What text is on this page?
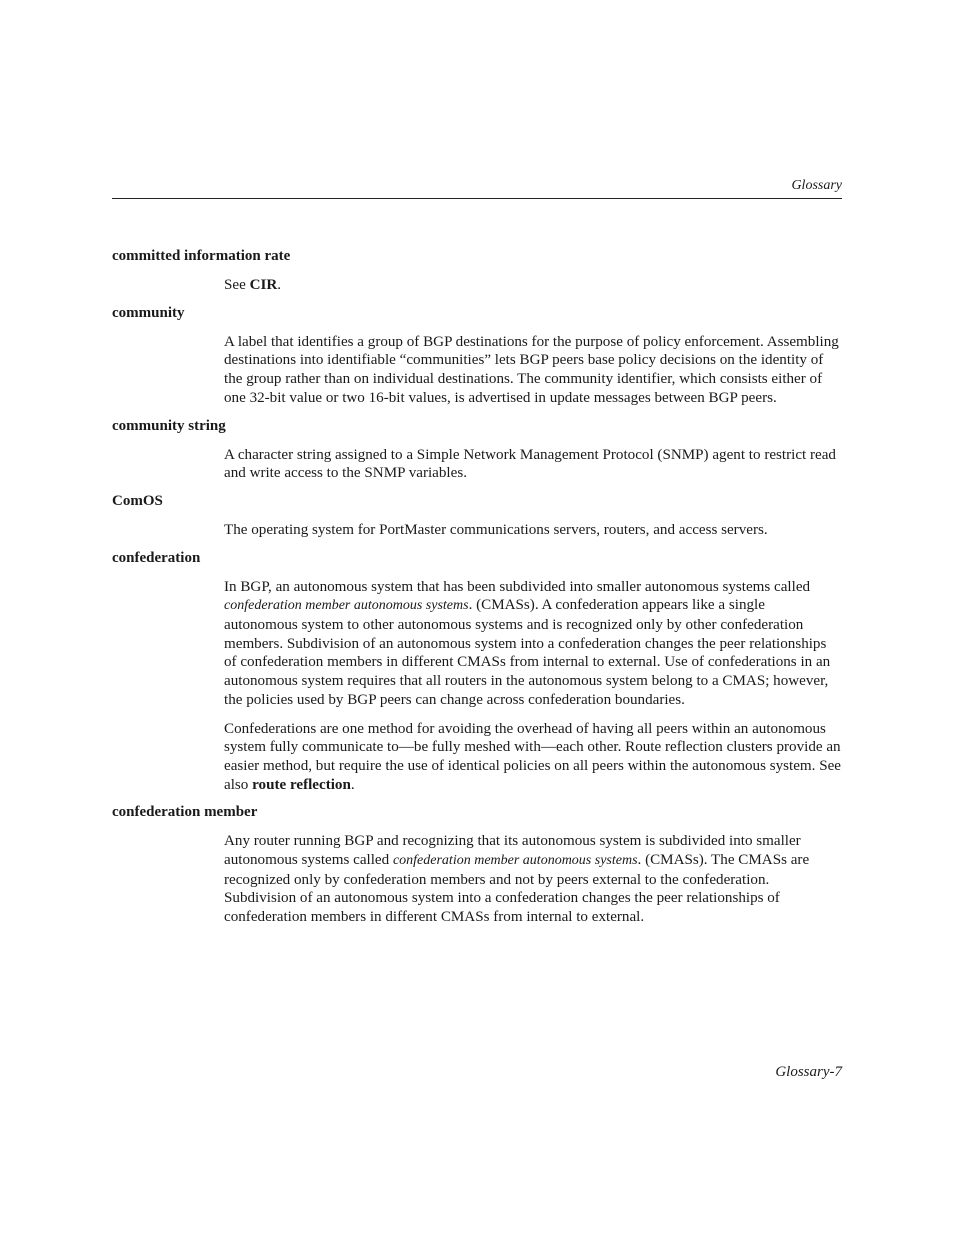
Glossary
committed information rate

See CIR.

community

A label that identifies a group of BGP destinations for the purpose of policy enforcement. Assembling destinations into identifiable “communities” lets BGP peers base policy decisions on the identity of the group rather than on individual destinations. The community identifier, which consists either of one 32-bit value or two 16-bit values, is advertised in update messages between BGP peers.

community string

A character string assigned to a Simple Network Management Protocol (SNMP) agent to restrict read and write access to the SNMP variables.

ComOS

The operating system for PortMaster communications servers, routers, and access servers.

confederation

In BGP, an autonomous system that has been subdivided into smaller autonomous systems called confederation member autonomous systems. (CMASs). A confederation appears like a single autonomous system to other autonomous systems and is recognized only by other confederation members. Subdivision of an autonomous system into a confederation changes the peer relationships of confederation members in different CMASs from internal to external. Use of confederations in an autonomous system requires that all routers in the autonomous system belong to a CMAS; however, the policies used by BGP peers can change across confederation boundaries.

Confederations are one method for avoiding the overhead of having all peers within an autonomous system fully communicate to—be fully meshed with—each other. Route reflection clusters provide an easier method, but require the use of identical policies on all peers within the autonomous system. See also route reflection.

confederation member

Any router running BGP and recognizing that its autonomous system is subdivided into smaller autonomous systems called confederation member autonomous systems. (CMASs). The CMASs are recognized only by confederation members and not by peers external to the confederation. Subdivision of an autonomous system into a confederation changes the peer relationships of confederation members in different CMASs from internal to external.

Glossary-7
